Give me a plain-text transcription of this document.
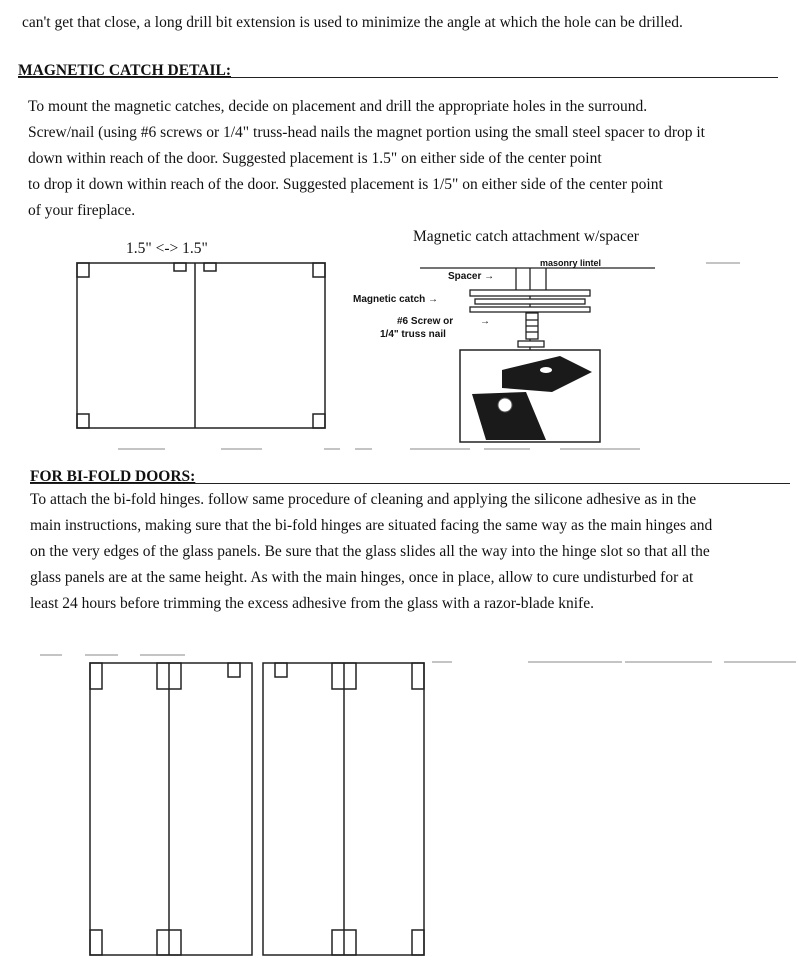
can't get that close, a long drill bit extension is used to minimize the angle at which the hole can be drilled.
MAGNETIC CATCH DETAIL:
To mount the magnetic catches, decide on placement and drill the appropriate holes in the surround.
Screw/nail (using #6 screws or 1/4" truss-head nails the magnet portion using the small steel spacer to drop it
down within reach of the door. Suggested placement is 1.5" on either side of the center point
to drop it down within reach of the door. Suggested placement is 1/5" on either side of the center point
of your fireplace.
1.5" <-> 1.5"
Magnetic catch attachment w/spacer
masonry lintel
Spacer →
Magnetic catch →
#6 Screw or	→
1/4" truss nail
FOR BI-FOLD DOORS:
To attach the bi-fold hinges. follow same procedure of cleaning and applying the silicone adhesive as in the
main instructions, making sure that the bi-fold hinges are situated facing the same way as the main hinges and
on the very edges of the glass panels. Be sure that the glass slides all the way into the hinge slot so that all the
glass panels are at the same height. As with the main hinges, once in place, allow to cure undisturbed for at
least 24 hours before trimming the excess adhesive from the glass with a razor-blade knife.
